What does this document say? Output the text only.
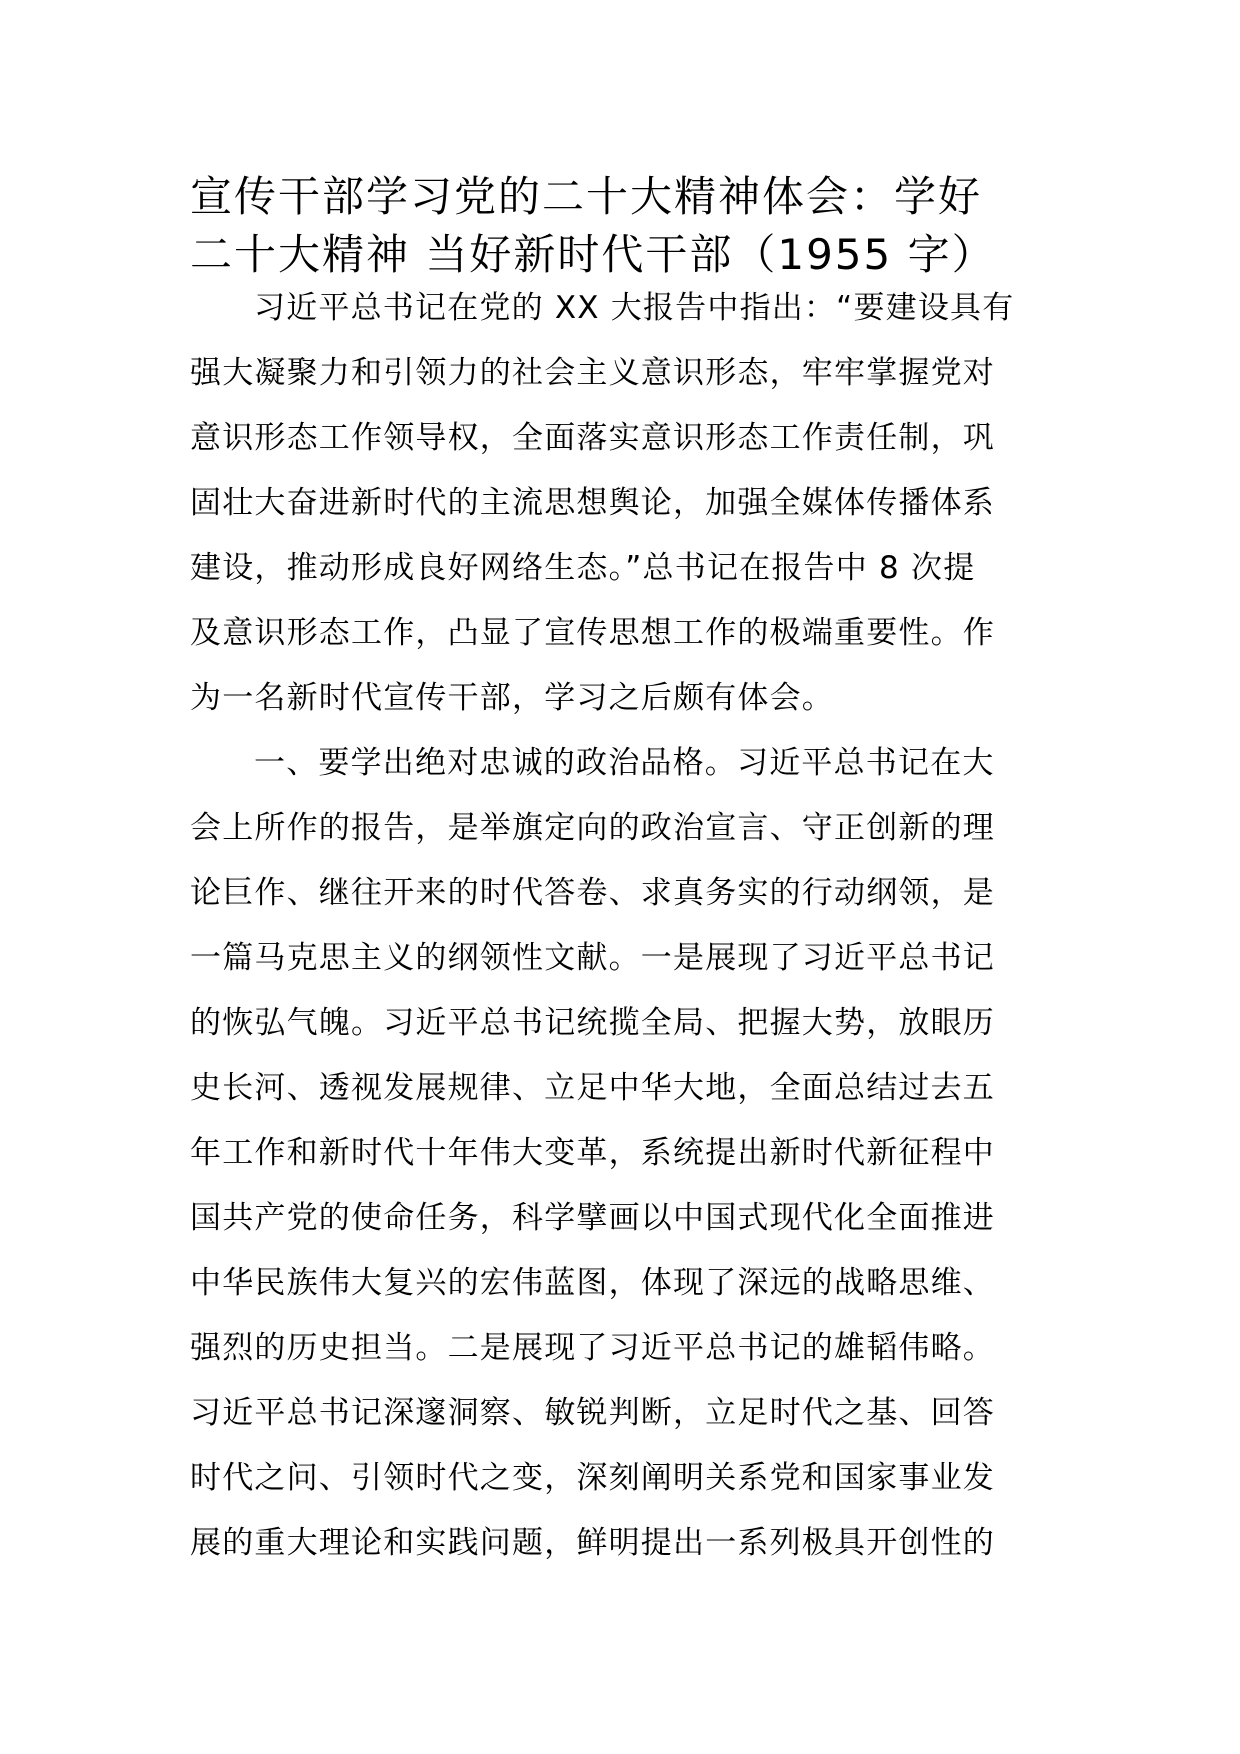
宣传干部学习党的二十大精神体会：学好
二十大精神 当好新时代干部（1955 字）
习近平总书记在党的 XX 大报告中指出：“要建设具有
强大凝聚力和引领力的社会主义意识形态，牢牢掌握党对
意识形态工作领导权，全面落实意识形态工作责任制，巩
固壮大奋进新时代的主流思想舆论，加强全媒体传播体系
建设，推动形成良好网络生态。”总书记在报告中 8 次提
及意识形态工作，凸显了宣传思想工作的极端重要性。作
为一名新时代宣传干部，学习之后颇有体会。
一、要学出绝对忠诚的政治品格。习近平总书记在大
会上所作的报告，是举旗定向的政治宣言、守正创新的理
论巨作、继往开来的时代答卷、求真务实的行动纲领，是
一篇马克思主义的纲领性文献。一是展现了习近平总书记
的恢弘气魄。习近平总书记统揽全局、把握大势，放眼历
史长河、透视发展规律、立足中华大地，全面总结过去五
年工作和新时代十年伟大变革，系统提出新时代新征程中
国共产党的使命任务，科学擘画以中国式现代化全面推进
中华民族伟大复兴的宏伟蓝图，体现了深远的战略思维、
强烈的历史担当。二是展现了习近平总书记的雄韬伟略。
习近平总书记深邃洞察、敏锐判断，立足时代之基、回答
时代之问、引领时代之变，深刻阐明关系党和国家事业发
展的重大理论和实践问题，鲜明提出一系列极具开创性的
